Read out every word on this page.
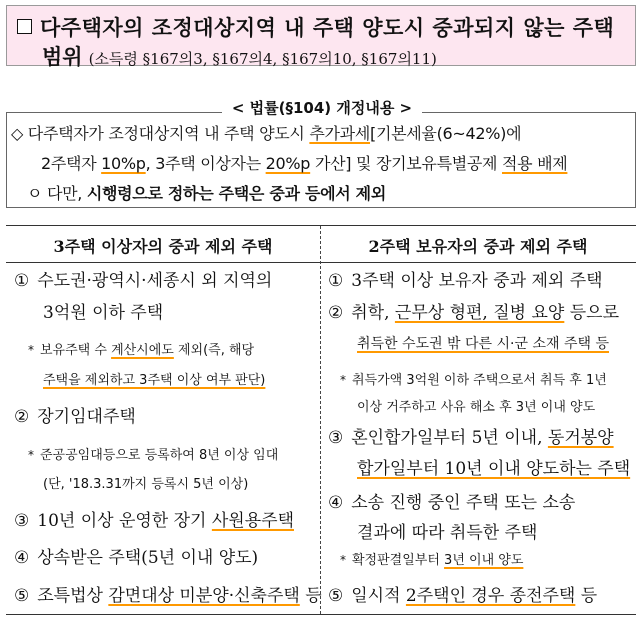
다주택자의 조정대상지역 내 주택 양도시 중과되지 않는 주택
범위 (소득령 §167의3, §167의4, §167의10, §167의11)
◇ 다주택자가 조정대상지역 내 주택 양도시 추가과세[기본세율(6~42%)에
2주택자 10%p, 3주택 이상자는 20%p 가산] 및 장기보유특별공제 적용 배제
ㅇ 다만, 시행령으로 정하는 주택은 중과 등에서 제외
< 법률(§104) 개정내용 >
3주택 이상자의 중과 제외 주택	2주택 보유자의 중과 제외 주택
① 수도권·광역시·세종시 외 지역의
3억원 이하 주택
* 보유주택 수 계산시에도 제외(즉, 해당
주택을 제외하고 3주택 이상 여부 판단)
② 장기임대주택
* 준공공임대등으로 등록하여 8년 이상 임대
(단, '18.3.31까지 등록시 5년 이상)
③ 10년 이상 운영한 장기 사원용주택
④ 상속받은 주택(5년 이내 양도)
⑤ 조특법상 감면대상 미분양·신축주택 등
① 3주택 이상 보유자 중과 제외 주택
② 취학, 근무상 형편, 질병 요양 등으로
취득한 수도권 밖 다른 시·군 소재 주택 등
* 취득가액 3억원 이하 주택으로서 취득 후 1년
이상 거주하고 사유 해소 후 3년 이내 양도
③ 혼인합가일부터 5년 이내, 동거봉양
합가일부터 10년 이내 양도하는 주택
④ 소송 진행 중인 주택 또는 소송
결과에 따라 취득한 주택
* 확정판결일부터 3년 이내 양도
⑤ 일시적 2주택인 경우 종전주택 등
